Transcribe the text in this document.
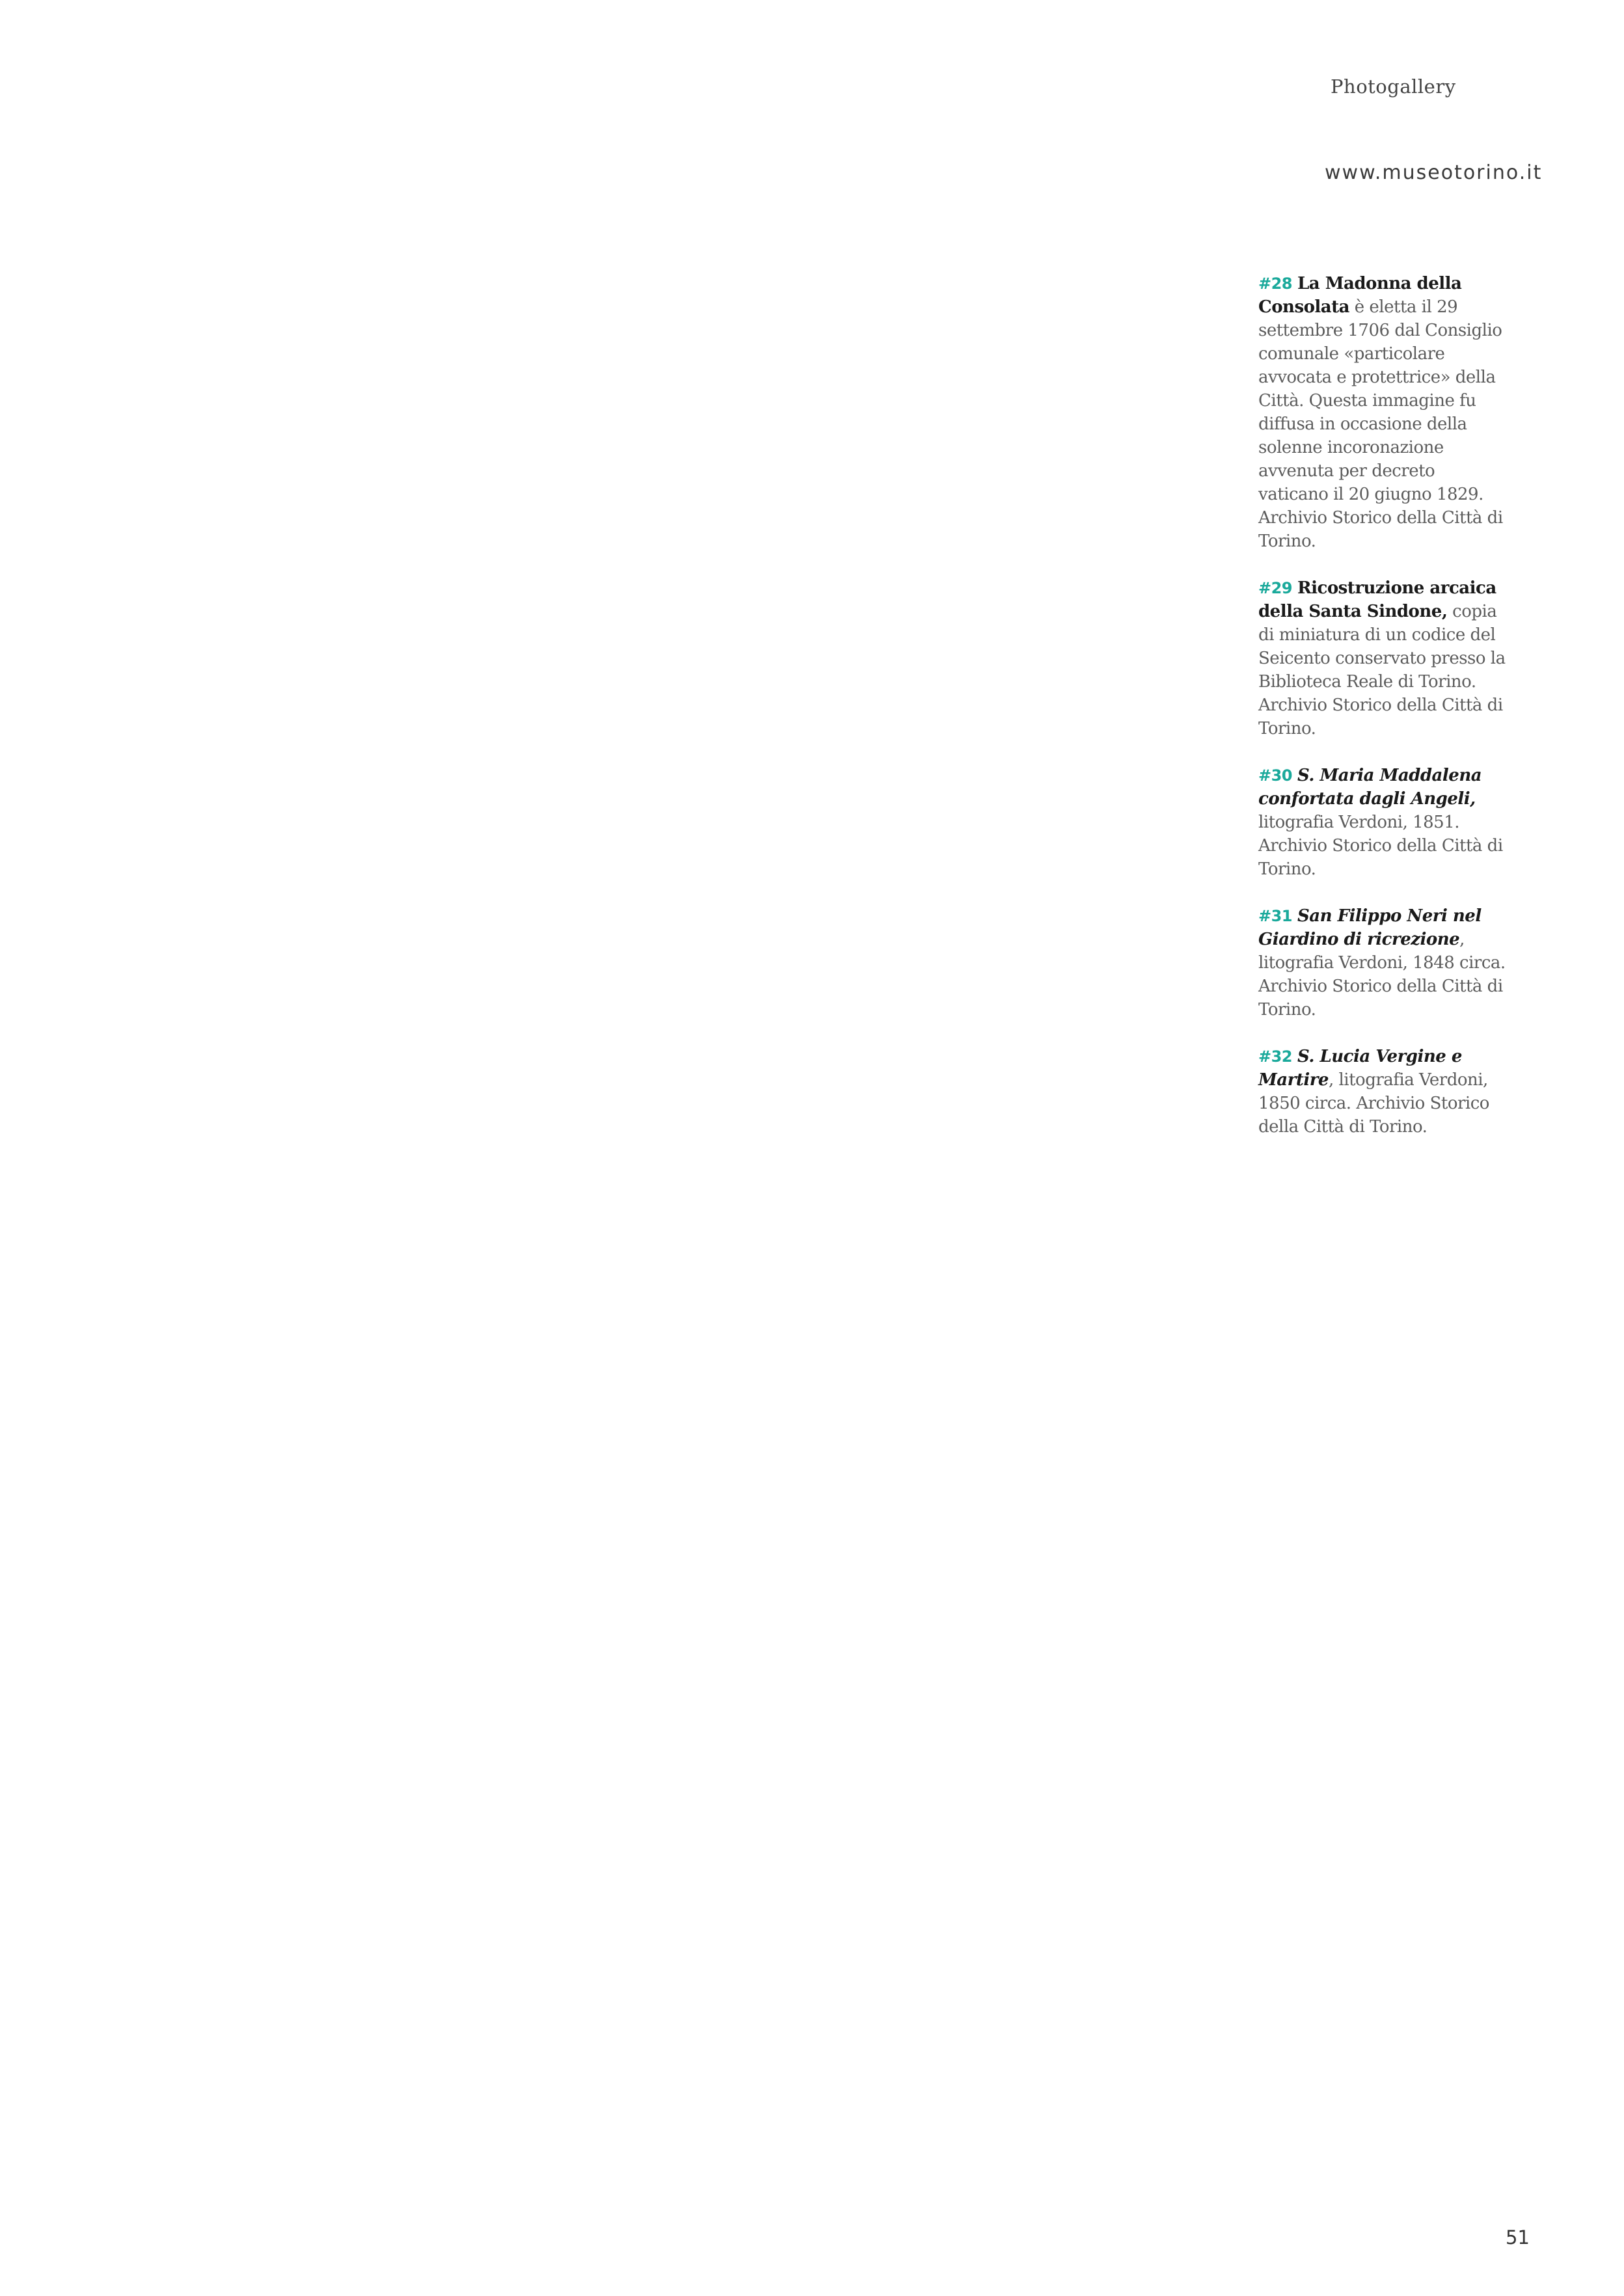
Photogallery
www.museotorino.it

#28 La Madonna della Consolata è eletta il 29 settembre 1706 dal Consiglio comunale «particolare avvocata e protettrice» della Città. Questa immagine fu diffusa in occasione della solenne incoronazione avvenuta per decreto vaticano il 20 giugno 1829. Archivio Storico della Città di Torino.

#29 Ricostruzione arcaica della Santa Sindone, copia di miniatura di un codice del Seicento conservato presso la Biblioteca Reale di Torino. Archivio Storico della Città di Torino.

#30 S. Maria Maddalena confortata dagli Angeli, litografia Verdoni, 1851. Archivio Storico della Città di Torino.

#31 San Filippo Neri nel Giardino di ricrezione, litografia Verdoni, 1848 circa. Archivio Storico della Città di Torino.

#32 S. Lucia Vergine e Martire, litografia Verdoni, 1850 circa. Archivio Storico della Città di Torino.

51
